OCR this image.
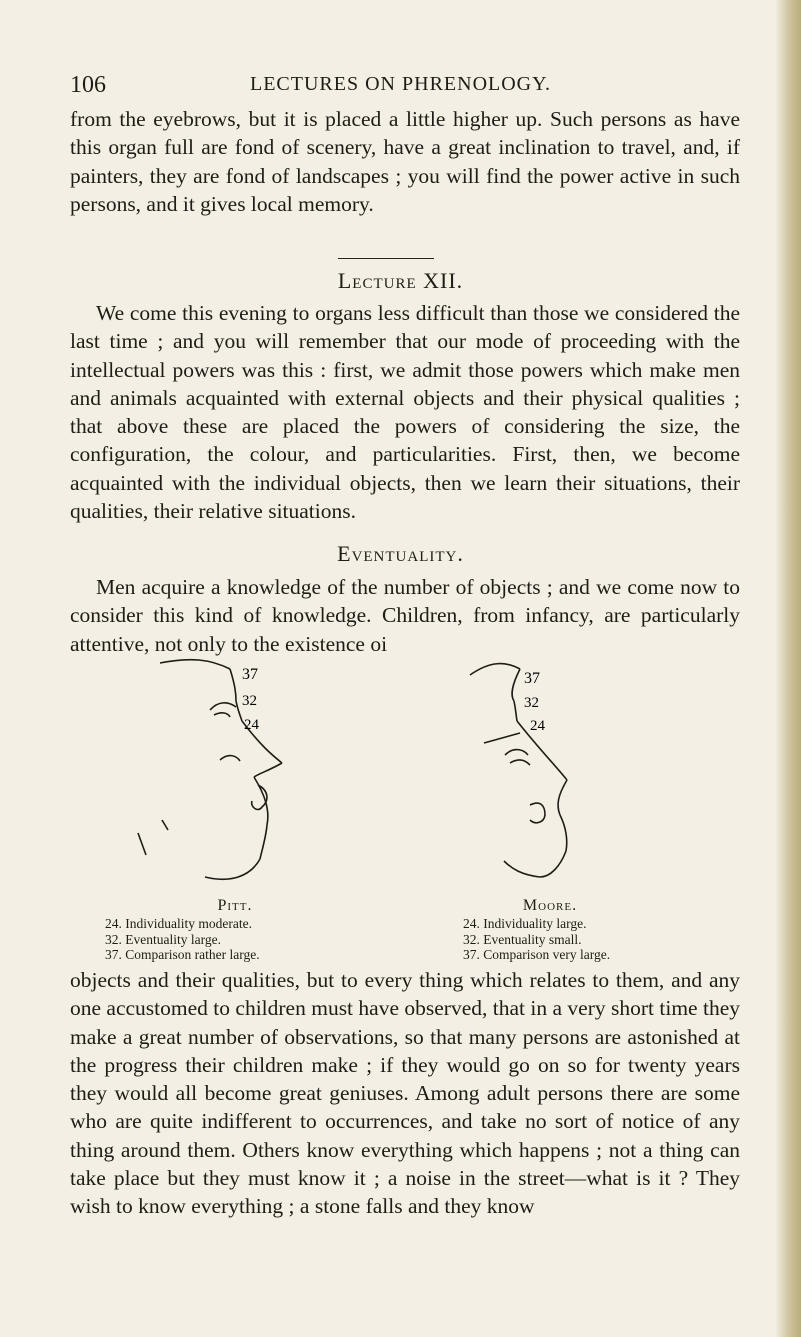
106	LECTURES ON PHRENOLOGY.

from the eyebrows, but it is placed a little higher up. Such persons as have this organ full are fond of scenery, have a great inclination to travel, and, if painters, they are fond of landscapes ; you will find the power active in such persons, and it gives local memory.

Lecture XII.

We come this evening to organs less difficult than those we considered the last time ; and you will remember that our mode of proceeding with the intellectual powers was this : first, we admit those powers which make men and animals acquainted with external objects and their physical qualities ; that above these are placed the powers of considering the size, the configuration, the colour, and particularities. First, then, we become acquainted with the individual objects, then we learn their situations, their qualities, their relative situations.

Eventuality.

Men acquire a knowledge of the number of objects ; and we come now to consider this kind of knowledge. Children, from infancy, are particularly attentive, not only to the existence oi

37
32
24
Pitt.
24. Individuality moderate.
32. Eventuality large.
37. Comparison rather large.
37
32
24
Moore.
24. Individuality large.
32. Eventuality small.
37. Comparison very large.

objects and their qualities, but to every thing which relates to them, and any one accustomed to children must have observed, that in a very short time they make a great number of observations, so that many persons are astonished at the progress their children make ; if they would go on so for twenty years they would all become great geniuses. Among adult persons there are some who are quite indifferent to occurrences, and take no sort of notice of any thing around them. Others know everything which happens ; not a thing can take place but they must know it ; a noise in the street—what is it ? They wish to know everything ; a stone falls and they know
